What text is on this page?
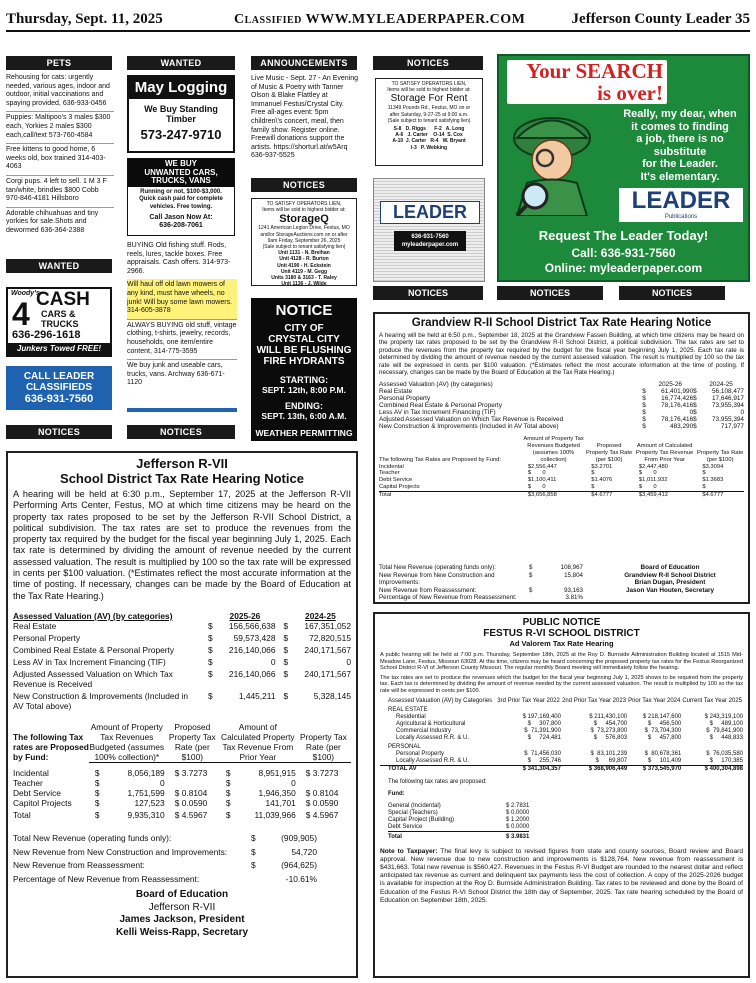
Thursday, Sept. 11, 2025	Classified WWW.MYLEADERPAPER.COM	Jefferson County Leader 35
PETS
Rehousing for cats: urgently needed, various ages, indoor and outdoor, initial vaccinations and spaying provided, 636-933-0456
Puppies: Maltipoo's 3 males $300 each, Yorkies 2 males $300 each,call/text 573-760-4584
Free kittens to good home, 6 weeks old, box trained 314-403-4063
Corgi pups. 4 left to sell. 1 M 3 F tan/white, brindles $800 Cobb 970-846-4181 Hillsboro
Adorable chihuahuas and tiny yorkies for sale.Shots and dewormed 636-364-2388
WANTED
Woody's
4 CASH
CARS &
TRUCKS
636-296-1618
Junkers Towed FREE!
CALL LEADER
CLASSIFIEDS
636-931-7560
NOTICES
WANTED
May Logging
We Buy Standing
Timber
573-247-9710
WE BUY
UNWANTED CARS,
TRUCKS, VANS
Running or not, $100-$3,000.
Quick cash paid for complete
vehicles. Free towing.
Call Jason Now At:
636-208-7061
BUYING Old fishing stuff. Rods, reels, lures, tackle boxes. Free appraisals. Cash offers. 314-973-2966.
Will haul off old lawn mowers of any kind, must have wheels, no junk! Will buy some lawn mowers. 314-605-3878
ALWAYS BUYING old stuff, vintage clothing, t-shirts, jewelry, records, households, one item/entire content, 314-775-3595
We buy junk and useable cars, trucks, vans. Archway 636-671-1120
NOTICES
ANNOUNCEMENTS
Live Music - Sept. 27 - An Evening of Music & Poetry with Tanner Olson & Blake Flattley at Immanuel Festus/Crystal City. Free all-ages event: 5pm children\'s concert, meal, then family show. Register online. Freewill donations support the artists. https://shorturl.at/w5Arq 636-937-5525
NOTICES
TO SATISFY OPERATORS LIEN,
Items will be sold to highest bidder at:
StorageQ
1241 American Legion Drive, Festus, MO
and/or StorageAuctions.com on or after
9am Friday, September 26, 2025
(Sale subject to tenant satisfying lien)
Unit 1131 - N. Brelhan
Unit 4128 - R. Burton
Unit 4190 - H. Eckstein
Unit 4119 - M. Gegg
Units 3180 & 3163 - T. Raley
Unit 1136 - J. Wilde
NOTICE
CITY OF
CRYSTAL CITY
WILL BE FLUSHING
FIRE HYDRANTS
STARTING:
SEPT. 12th, 8:00 P.M.
ENDING:
SEPT. 13th, 6:00 A.M.
WEATHER PERMITTING
NOTICES
TO SATISFY OPERATORS LIEN,
Items will be sold to highest bidder at:
Storage For Rent
11349 Pounds Rd., Festus, MO on or
after Saturday, 9-27-25 at 9:00 a.m.
(Sale subject to tenant satisfying lien)
S-8   D. Riggs      F-2   A. Long
A-6   J. Carter    O-14  S. Cox
A-10  J. Carter   R-4   W. Bryant
I-3   P. Webking
LEADER
636-931-7560
myleaderpaper.com
Your SEARCH
is over!
Really, my dear, when
it comes to finding
a job, there is no
substitute
for the Leader.
It's elementary.
LEADER
Publications
Request The Leader Today!
Call: 636-931-7560
Online: myleaderpaper.com
NOTICES	NOTICES	NOTICES
Grandview R-II School District Tax Rate Hearing Notice
A hearing will be held at 6:50 p.m., September 18, 2025 at the Grandview Fassen Building, at which time citizens may be heard on the property tax rates proposed to be set by the Grandview R-II School District, a political subdivision. The tax rates are set to produce the revenues from the property tax required by the budget for the fiscal year beginning July 1, 2025. Each tax rate is determined by dividing the amount of revenue needed by the current assessed valuation. The result is multiplied by 100 so the tax rate will be expressed in cents per $100 valuation. (*Estimates reflect the most accurate information at the time of posting. If necessary, changes can be made by the Board of Education at the Tax Rate Hearing.)
Assessed Valuation (AV) (by categories)		2025-26		2024-25
Real Estate	$	61,401,990	$	56,108,477
Personal Property	$	16,774,426	$	17,646,917
Combined Real Estate & Personal Property	$	78,176,416	$	73,955,394
Less AV in Tax Increment Financing (TIF)	$	0	$	0
Adjusted Assessed Valuation on Which Tax Revenue is Received	$	78,176,416	$	73,955,394
New Construction & Improvements (Included in AV Total above)	$	483,290	$	717,977
The following Tax Rates are Proposed by Fund:	Amount of Property Tax Revenues Budgeted (assumes 100% collection)	Proposed Property Tax Rate (per $100)	Amount of Calculated Property Tax Revenue From Prior Year	Property Tax Rate (per $100)
Incidental	$2,556,447	$3.2701	$2,447,480	$3.3094
Teacher	$       0	$	$       0	$
Debt Service	$1,100,411	$1.4076	$1,011,932	$1.3683
Capital Projects	$       0	$	$       0	$
Total	$3,656,858	$4.6777	$3,459,412	$4.6777
Total New Revenue (operating funds only):	$	108,967
New Revenue from New Construction and Improvements:
$	15,804
New Revenue from Reassessment:	$	93,163
Percentage of New Revenue from Reassessment:	3.81%
Board of Education
Grandview R-II School District
Brian Dugan, President
Jason Van Houten, Secretary
Jefferson R-VII
School District Tax Rate Hearing Notice
A hearing will be held at 6:30 p.m., September 17, 2025 at the Jefferson R-VII Performing Arts Center, Festus, MO at which time citizens may be heard on the property tax rates proposed to be set by the Jefferson R-VII School District, a political subdivision. The tax rates are set to produce the revenues from the property tax required by the budget for the fiscal year beginning July 1, 2025. Each tax rate is determined by dividing the amount of revenue needed by the current assessed valuation. The result is multiplied by 100 so the tax rate will be expressed in cents per $100 valuation. (*Estimates reflect the most accurate information at the time of posting. If necessary, changes can be made by the Board of Education at the Tax Rate Hearing.)
Assessed Valuation (AV) (by categories)		2025-26		2024-25
Real Estate	$	156,566,638	$	167,351,052
Personal Property	$	59,573,428	$	72,820,515
Combined Real Estate & Personal Property	$	216,140,066	$	240,171,567
Less AV in Tax Increment Financing (TIF)	$	0	$	0
Adjusted Assessed Valuation on Which Tax Revenue is Received	$	216,140,066	$	240,171,567
New Construction & Improvements (Included in AV Total above)	$	1,445,211	$	5,328,145
The following Tax rates are Proposed by Fund:	Amount of Property Tax Revenues Budgeted (assumes 100% collection)*		Proposed Property Tax Rate (per $100)	Amount of Calculated Property Tax Revenue From Prior Year		Property Tax Rate (per $100)

Incidental	$	8,056,189	$ 3.7273	$	8,951,915	$ 3.7273
Teacher	$	0		$	0	
Debt Service	$	1,751,599	$ 0.8104	$	1,946,350	$ 0.8104
Capitol Projects	$	127,523	$ 0.0590	$	141,701	$ 0.0590
Total	$	9,935,310	$ 4.5967	$	11,039,966	$ 4.5967
Total New Revenue (operating funds only):	$	(909,905)
New Revenue from New Construction and Improvements:	$	54,720
New Revenue from Reassessment:	$	(964,625)
Percentage of New Revenue from Reassessment:	-10.61%
Board of Education
Jefferson R-VII
James Jackson, President
Kelli Weiss-Rapp, Secretary
PUBLIC NOTICE
FESTUS R-VI SCHOOL DISTRICT
Ad Valorem Tax Rate Hearing
A public hearing will be held at 7:00 p.m. Thursday, September 18th, 2025 at the Roy D. Burnside Administration Building located at 1515 Mid-Meadow Lane, Festus, Missouri 63028. At this time, citizens may be heard concerning the proposed property tax rates for the Festus Reorganized School District R-VI of Jefferson County Missouri. The regular monthly Board meeting will immediately follow the hearing.
The tax rates are set to produce the revenues which the budget for the fiscal year beginning July 1, 2025 shows to be required from the property tax. Each tax is determined by dividing the amount of revenue needed by the current assessed valuation. The result is multiplied by 100 so the tax rate will be expressed in cents per $100.
Assessed Valuation (AV) by Categories	3rd Prior Tax Year 2022	2nd Prior Tax Year 2023	Prior Tax Year 2024	Current Tax Year 2025
REAL ESTATE				
Residential	$ 197,169,400	$ 211,430,100	$ 218,147,600	$ 243,319,100
Agricultural & Horticultural	$     307,800	$     454,700	$     456,500	$     489,100
Commercial Industry	$  71,391,900	$  73,273,800	$  73,704,300	$  79,841,900
Locally Assessed R.R. & U.	$     724,481	$     576,803	$     457,800	$     448,833
PERSONAL				
Personal Property	$  71,456,030	$  83,101,239	$  80,678,361	$  76,035,580
Locally Assessed R.R. & U.	$     255,746	$      69,807	$     101,409	$     170,385
TOTAL AV	$ 341,304,357	$ 368,906,449	$ 373,545,970	$ 400,304,898
The following tax rates are proposed:
Fund:
General (Incidental)	$ 2.7831
Special (Teachers)	$ 0.0000
Capital Project (Building)	$ 1.2000
Debt Service	$ 0.0000
Total	$ 3.9831
Note to Taxpayer: The final levy is subject to revised figures from state and county sources, Board review and Board approval. New revenue due to new construction and improvements is $128,764. New revenue from reassessment is $431,663. Total new revenue is $560,427. Revenues in the Festus R-VI Budget are rounded to the nearest dollar and reflect anticipated tax revenue as current and delinquent tax payments less the cost of collection. A copy of the 2025-2026 budget is available for inspection at the Roy D. Burnside Administration Building. Tax rates to be reviewed and done by the Board of Education of the Festus R-VI School District the 18th day of September, 2025. Tax rate hearing scheduled by the Board of Education on September 18th, 2025.
